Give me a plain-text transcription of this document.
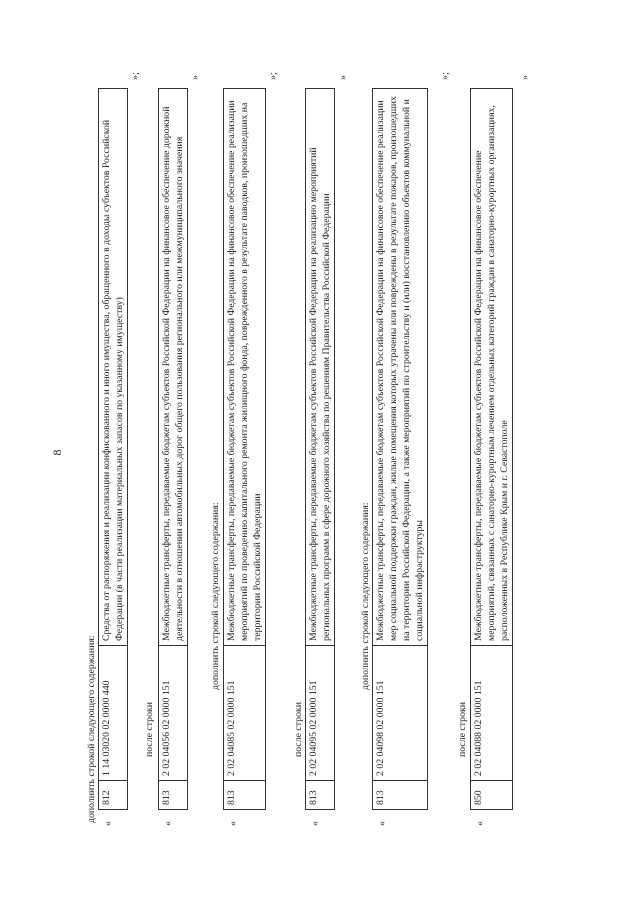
8
дополнить строкой следующего содержания:
«
812	1 14 03020 02 0000 440	Средства от распоряжения и реализации конфискованного и иного имущества, обращенного в доходы субъектов Российской Федерации (в части реализации материальных запасов по указанному имуществу)
»;
после строки
«
813	2 02 04056 02 0000 151	Межбюджетные трансферты, передаваемые бюджетам субъектов Российской Федерации на финансовое обеспечение дорожной деятельности в отношении автомобильных дорог общего пользования регионального или межмуниципального значения
»
дополнить строкой следующего содержания:
«
813	2 02 04085 02 0000 151	Межбюджетные трансферты, передаваемые бюджетам субъектов Российской Федерации на финансовое обеспечение реализации мероприятий по проведению капитального ремонта жилищного фонда, поврежденного в результате паводков, произошедших на территории Российской Федерации
»;
после строки
«
813	2 02 04095 02 0000 151	Межбюджетные трансферты, передаваемые бюджетам субъектов Российской Федерации на реализацию мероприятий региональных программ в сфере дорожного хозяйства по решениям Правительства Российской Федерации
»
дополнить строкой следующего содержания:
«
813	2 02 04098 02 0000 151	Межбюджетные трансферты, передаваемые бюджетам субъектов Российской Федерации на финансовое обеспечение реализации мер социальной поддержки граждан, жилые помещения которых утрачены или повреждены в результате пожаров, произошедших на территории Российской Федерации, а также мероприятий по строительству и (или) восстановлению объектов коммунальной и социальной инфраструктуры
»;
после строки
«
850	2 02 04088 02 0000 151	Межбюджетные трансферты, передаваемые бюджетам субъектов Российской Федерации на финансовое обеспечение мероприятий, связанных с санаторно-курортным лечением отдельных категорий граждан в санаторно-курортных организациях, расположенных в Республике Крым и г. Севастополе
»
